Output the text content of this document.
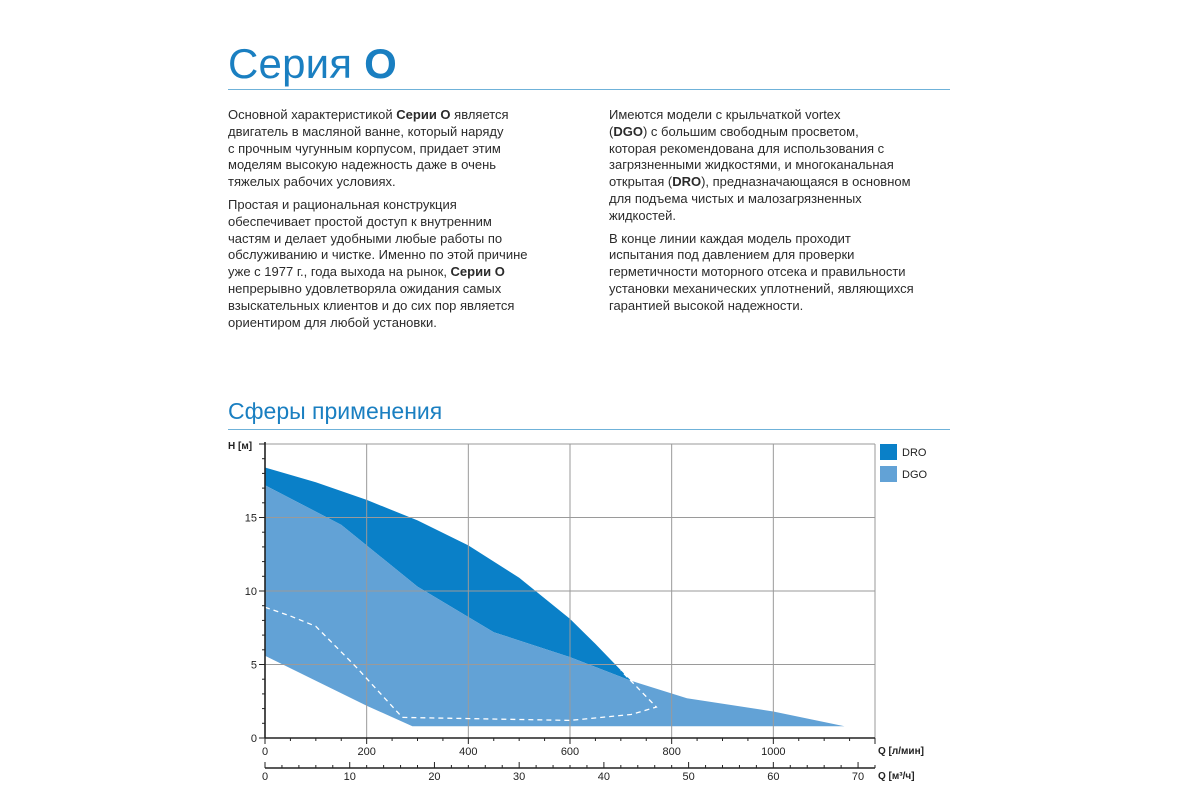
Серия O

Основной характеристикой Серии O является
двигатель в масляной ванне, который наряду
с прочным чугунным корпусом, придает этим
моделям высокую надежность даже в очень
тяжелых рабочих условиях.

Простая и рациональная конструкция
обеспечивает простой доступ к внутренним
частям и делает удобными любые работы по
обслуживанию и чистке. Именно по этой причине
уже с 1977 г., года выхода на рынок, Серии O
непрерывно удовлетворяла ожидания самых
взыскательных клиентов и до сих пор является
ориентиром для любой установки.

Имеются модели с крыльчаткой vortex
(DGO) с большим свободным просветом,
которая рекомендована для использования с
загрязненными жидкостями, и многоканальная
открытая (DRO), предназначающаяся в основном
для подъема чистых и малозагрязненных
жидкостей.

В конце линии каждая модель проходит
испытания под давлением для проверки
герметичности моторного отсека и правильности
установки механических уплотнений, являющихся
гарантией высокой надежности.

Сферы применения
0
5
10
15
0	200	400	600	800	1000
0	10	20	30	40	50	60	70
H [м]
Q [л/мин]
Q [м³/ч]
DRO
DGO
